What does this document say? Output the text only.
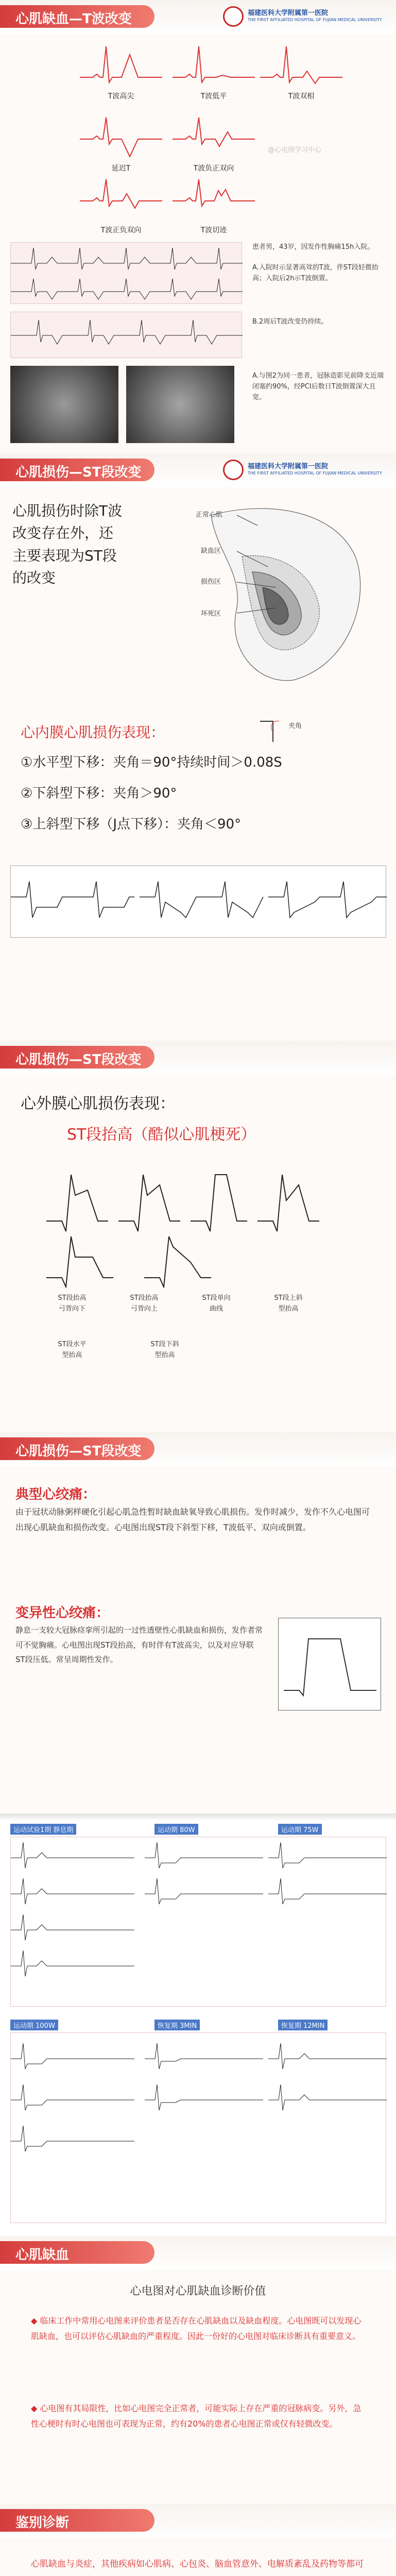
心肌缺血—T波改变	福建医科大学附属第一医院
THE FIRST AFFILIATED HOSPITAL OF FUJIAN MEDICAL UNIVERSITY
T波高尖	T波低平	T波双相
延迟T	T波负正双向
T波正负双向	T波切迹
患者男，43岁，因发作性胸痛15h入院。
A.入院时示显著高耸的T波，伴ST段轻微抬高；入院后2h示T波倒置。
B.2周后T波改变仍持续。
A.与图2为同一患者，冠脉造影见前降支近端闭塞约90%，经PCI后数日T波倒置深大且宽。
@心电图学习中心
心肌损伤—ST段改变	福建医科大学附属第一医院
THE FIRST AFFILIATED HOSPITAL OF FUJIAN MEDICAL UNIVERSITY
心肌损伤时除T波改变存在外，还主要表现为ST段的改变
正常心肌
缺血区
损伤区
坏死区
心内膜心肌损伤表现：
①水平型下移：夹角＝90°持续时间＞0.08S
②下斜型下移：夹角＞90°
③上斜型下移（J点下移）：夹角＜90°
夹角
心肌损伤—ST段改变
心外膜心肌损伤表现：
ST段抬高（酷似心肌梗死）
ST段抬高
弓背向下
ST段抬高
弓背向上
ST段单向
曲线
ST段上斜
型抬高
ST段水平
型抬高
ST段下斜
型抬高
心肌损伤—ST段改变
典型心绞痛：
由于冠状动脉粥样硬化引起心肌急性暂时缺血缺氧导致心肌损伤。发作时减少，发作不久心电图可出现心肌缺血和损伤改变。心电图出现ST段下斜型下移，T波低平、双向或倒置。
变异性心绞痛：
静息一支较大冠脉痉挛所引起的一过性透壁性心肌缺血和损伤，发作者常可不觉胸痛。心电图出现ST段抬高，有时伴有T波高尖，以及对应导联ST段压低。常呈周期性发作。
运动试验1期 静息期	运动期 80W	运动期 75W
运动期 100W	恢复期 3MIN	恢复期 12MIN
心肌缺血
心电图对心肌缺血诊断价值
◆ 临床工作中常用心电图来评价患者是否存在心肌缺血以及缺血程度。心电图既可以发现心肌缺血，也可以评估心肌缺血的严重程度。因此一份好的心电图对临床诊断具有重要意义。
◆ 心电图有其局限性，比如心电图完全正常者，可能实际上存在严重的冠脉病变。另外，急性心梗时有时心电图也可表现为正常，约有20%的患者心电图正常或仅有轻微改变。
鉴别诊断
心肌缺血与炎症，其他疾病如心肌病、心包炎、脑血管意外、电解质紊乱及药物等都可
